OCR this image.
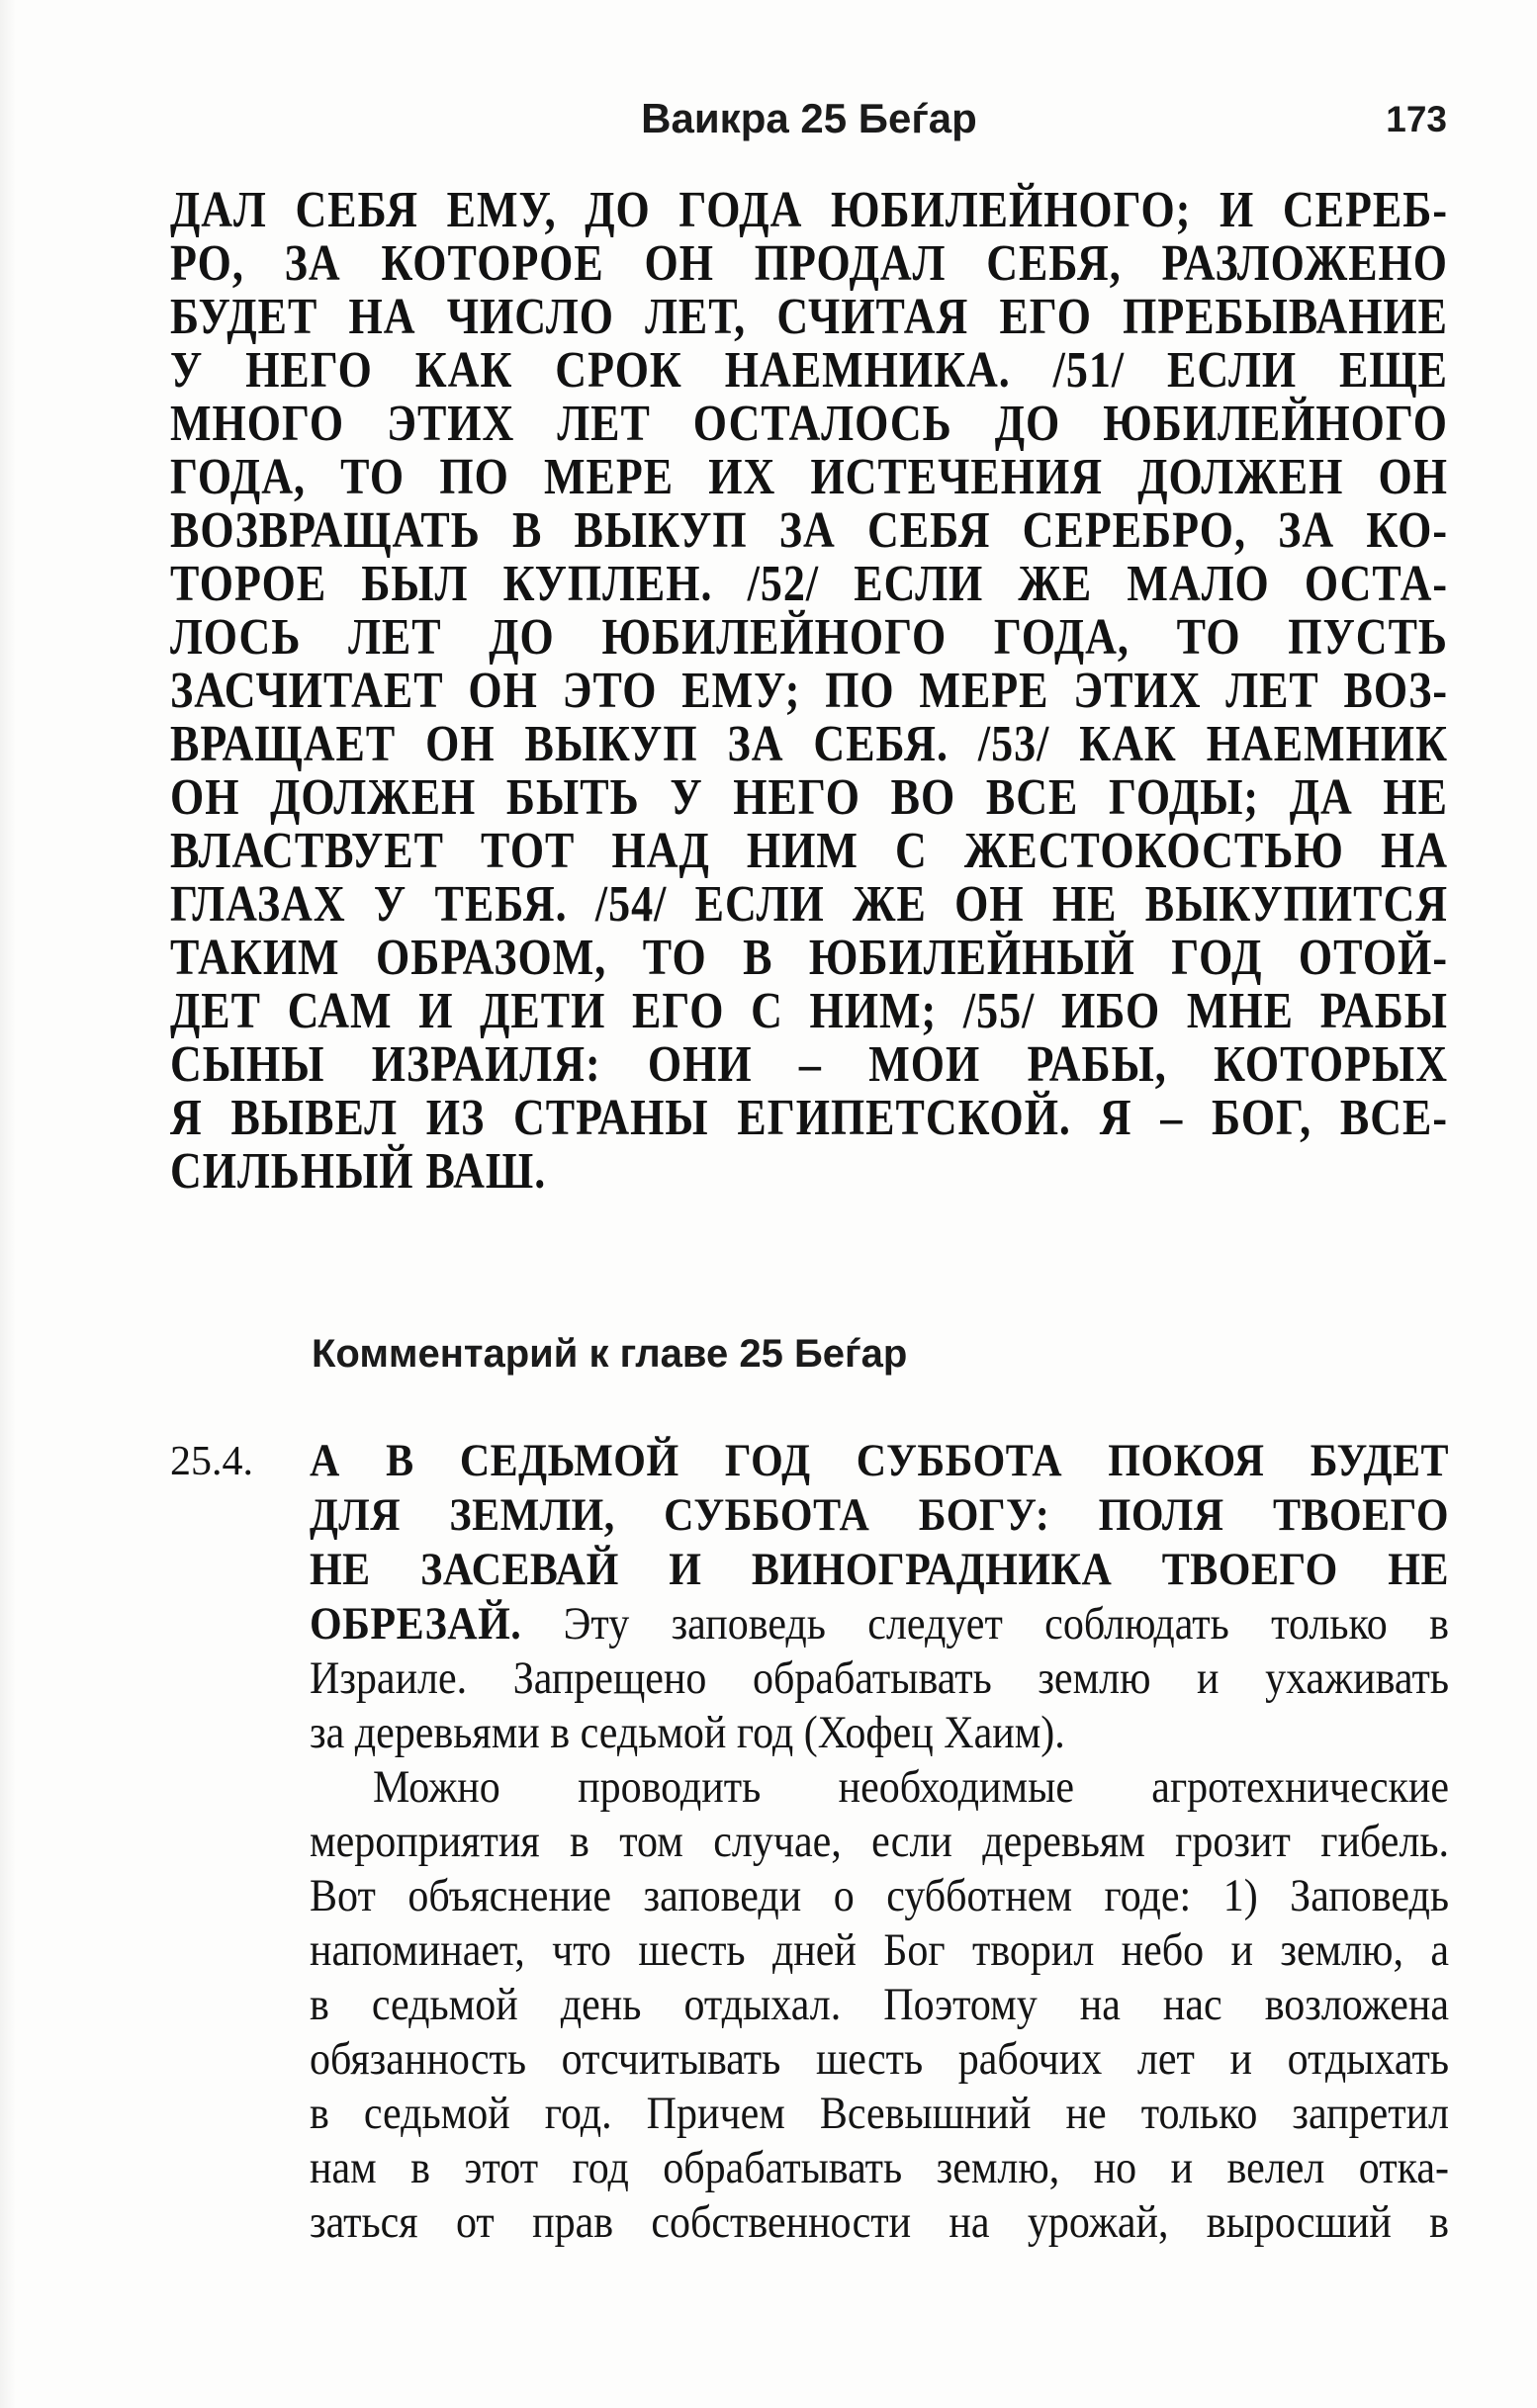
Ваикра 25 Беѓар	173
ДАЛ СЕБЯ ЕМУ, ДО ГОДА ЮБИЛЕЙНОГО; И СЕРЕБ-
РО, ЗА КОТОРОЕ ОН ПРОДАЛ СЕБЯ, РАЗЛОЖЕНО
БУДЕТ НА ЧИСЛО ЛЕТ, СЧИТАЯ ЕГО ПРЕБЫВАНИЕ
У НЕГО КАК СРОК НАЕМНИКА. /51/ ЕСЛИ ЕЩЕ
МНОГО ЭТИХ ЛЕТ ОСТАЛОСЬ ДО ЮБИЛЕЙНОГО
ГОДА, ТО ПО МЕРЕ ИХ ИСТЕЧЕНИЯ ДОЛЖЕН ОН
ВОЗВРАЩАТЬ В ВЫКУП ЗА СЕБЯ СЕРЕБРО, ЗА КО-
ТОРОЕ БЫЛ КУПЛЕН. /52/ ЕСЛИ ЖЕ МАЛО ОСТА-
ЛОСЬ ЛЕТ ДО ЮБИЛЕЙНОГО ГОДА, ТО ПУСТЬ
ЗАСЧИТАЕТ ОН ЭТО ЕМУ; ПО МЕРЕ ЭТИХ ЛЕТ ВОЗ-
ВРАЩАЕТ ОН ВЫКУП ЗА СЕБЯ. /53/ КАК НАЕМНИК
ОН ДОЛЖЕН БЫТЬ У НЕГО ВО ВСЕ ГОДЫ; ДА НЕ
ВЛАСТВУЕТ ТОТ НАД НИМ С ЖЕСТОКОСТЬЮ НА
ГЛАЗАХ У ТЕБЯ. /54/ ЕСЛИ ЖЕ ОН НЕ ВЫКУПИТСЯ
ТАКИМ ОБРАЗОМ, ТО В ЮБИЛЕЙНЫЙ ГОД ОТОЙ-
ДЕТ САМ И ДЕТИ ЕГО С НИМ; /55/ ИБО МНЕ РАБЫ
СЫНЫ ИЗРАИЛЯ: ОНИ – МОИ РАБЫ, КОТОРЫХ
Я ВЫВЕЛ ИЗ СТРАНЫ ЕГИПЕТСКОЙ. Я – БОГ, ВСЕ-
СИЛЬНЫЙ ВАШ.
Комментарий к главе 25 Беѓар
25.4. А В СЕДЬМОЙ ГОД СУББОТА ПОКОЯ БУДЕТ
ДЛЯ ЗЕМЛИ, СУББОТА БОГУ: ПОЛЯ ТВОЕГО
НЕ ЗАСЕВАЙ И ВИНОГРАДНИКА ТВОЕГО НЕ
ОБРЕЗАЙ. Эту заповедь следует соблюдать только в
Израиле. Запрещено обрабатывать землю и ухаживать
за деревьями в седьмой год (Хофец Хаим).
Можно проводить необходимые агротехнические
мероприятия в том случае, если деревьям грозит гибель.
Вот объяснение заповеди о субботнем годе: 1) Заповедь
напоминает, что шесть дней Бог творил небо и землю, а
в седьмой день отдыхал. Поэтому на нас возложена
обязанность отсчитывать шесть рабочих лет и отдыхать
в седьмой год. Причем Всевышний не только запретил
нам в этот год обрабатывать землю, но и велел отка-
заться от прав собственности на урожай, выросший в
